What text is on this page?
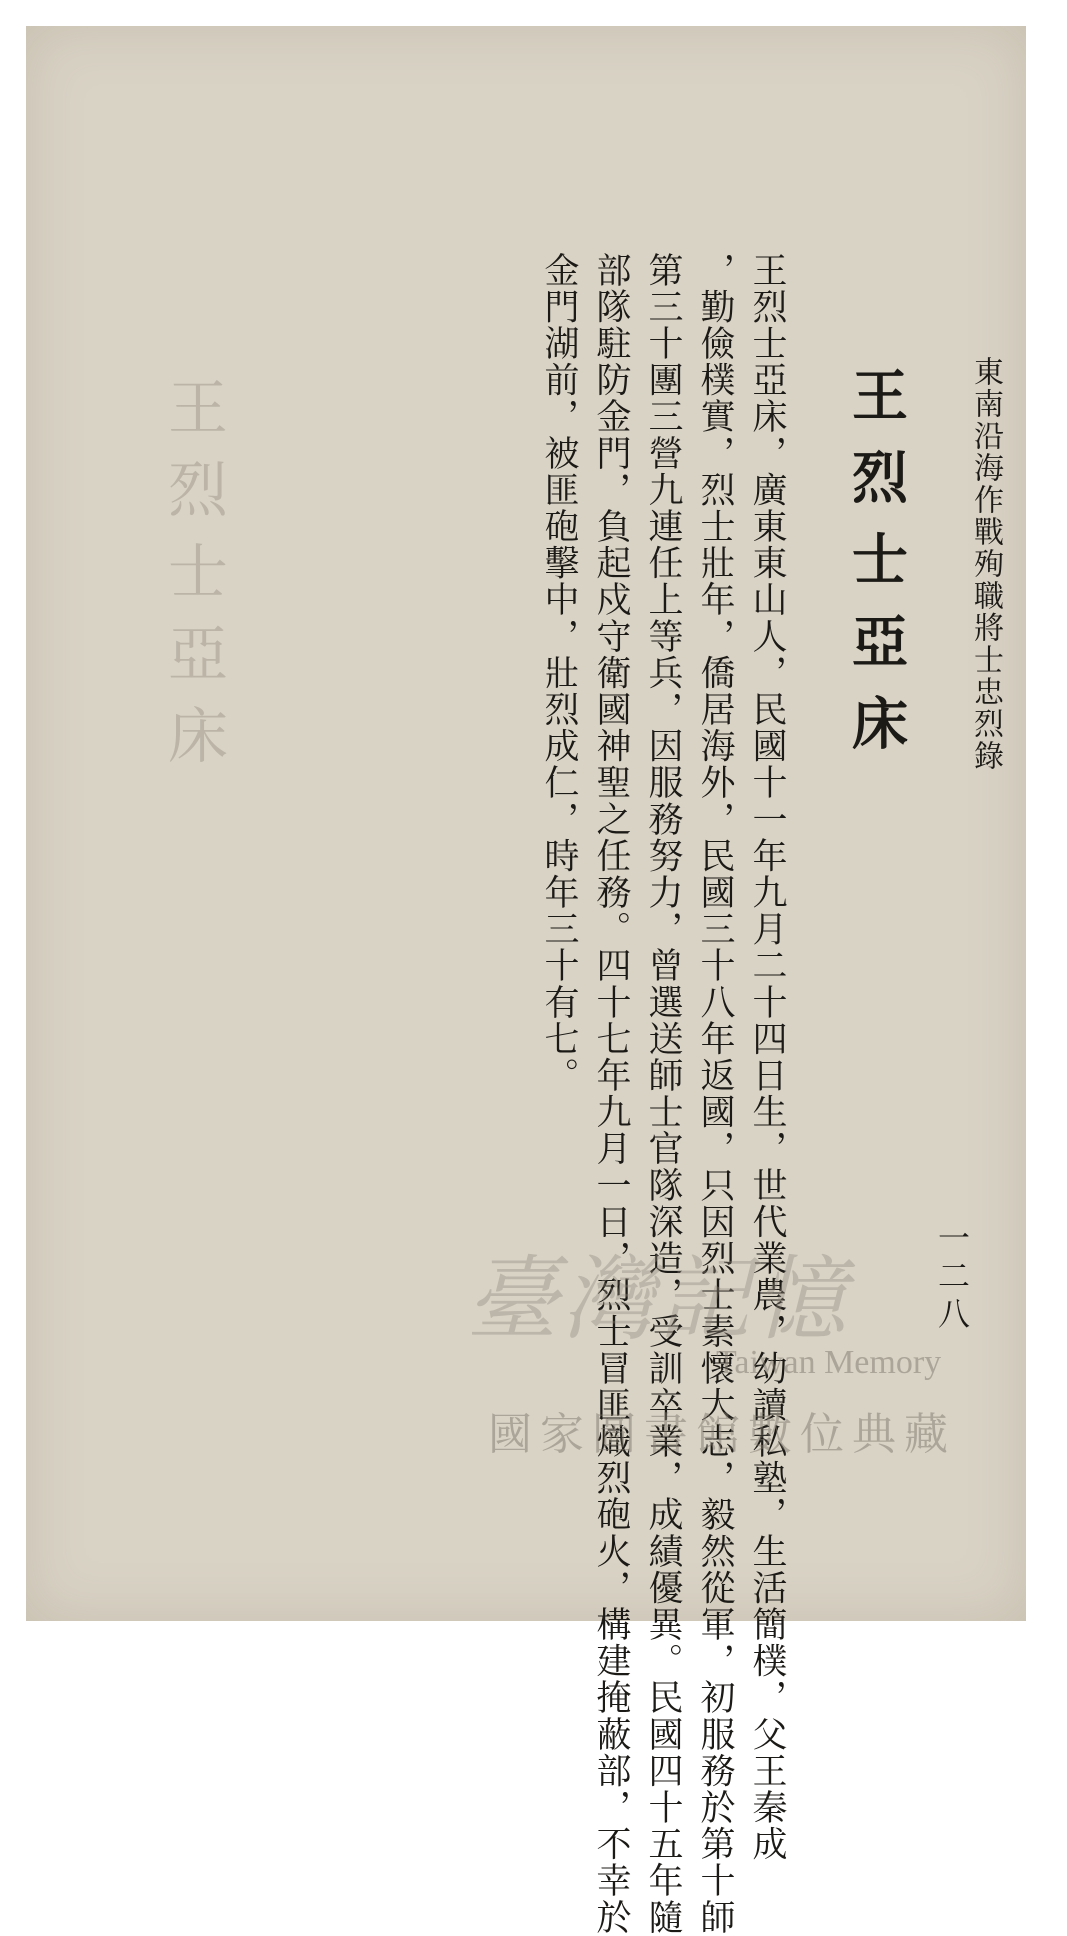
王烈士亞床	東南沿海作戰殉職將士忠烈錄
王烈士亞床
王烈士亞床，廣東東山人，民國十一年九月二十四日生，世代業農，幼讀私塾，生活簡樸，父王秦成
，勤儉樸實，烈士壯年，僑居海外，民國三十八年返國，只因烈士素懷大志，毅然從軍，初服務於第十師
第三十團三營九連任上等兵，因服務努力，曾選送師士官隊深造，受訓卒業，成績優異。民國四十五年隨
部隊駐防金門，負起戍守衛國神聖之任務。四十七年九月一日，烈士冒匪熾烈砲火，構建掩蔽部，不幸於
金門湖前，被匪砲擊中，壯烈成仁，時年三十有七。
一二八
臺灣記憶
Taiwan Memory
國家圖書館數位典藏
